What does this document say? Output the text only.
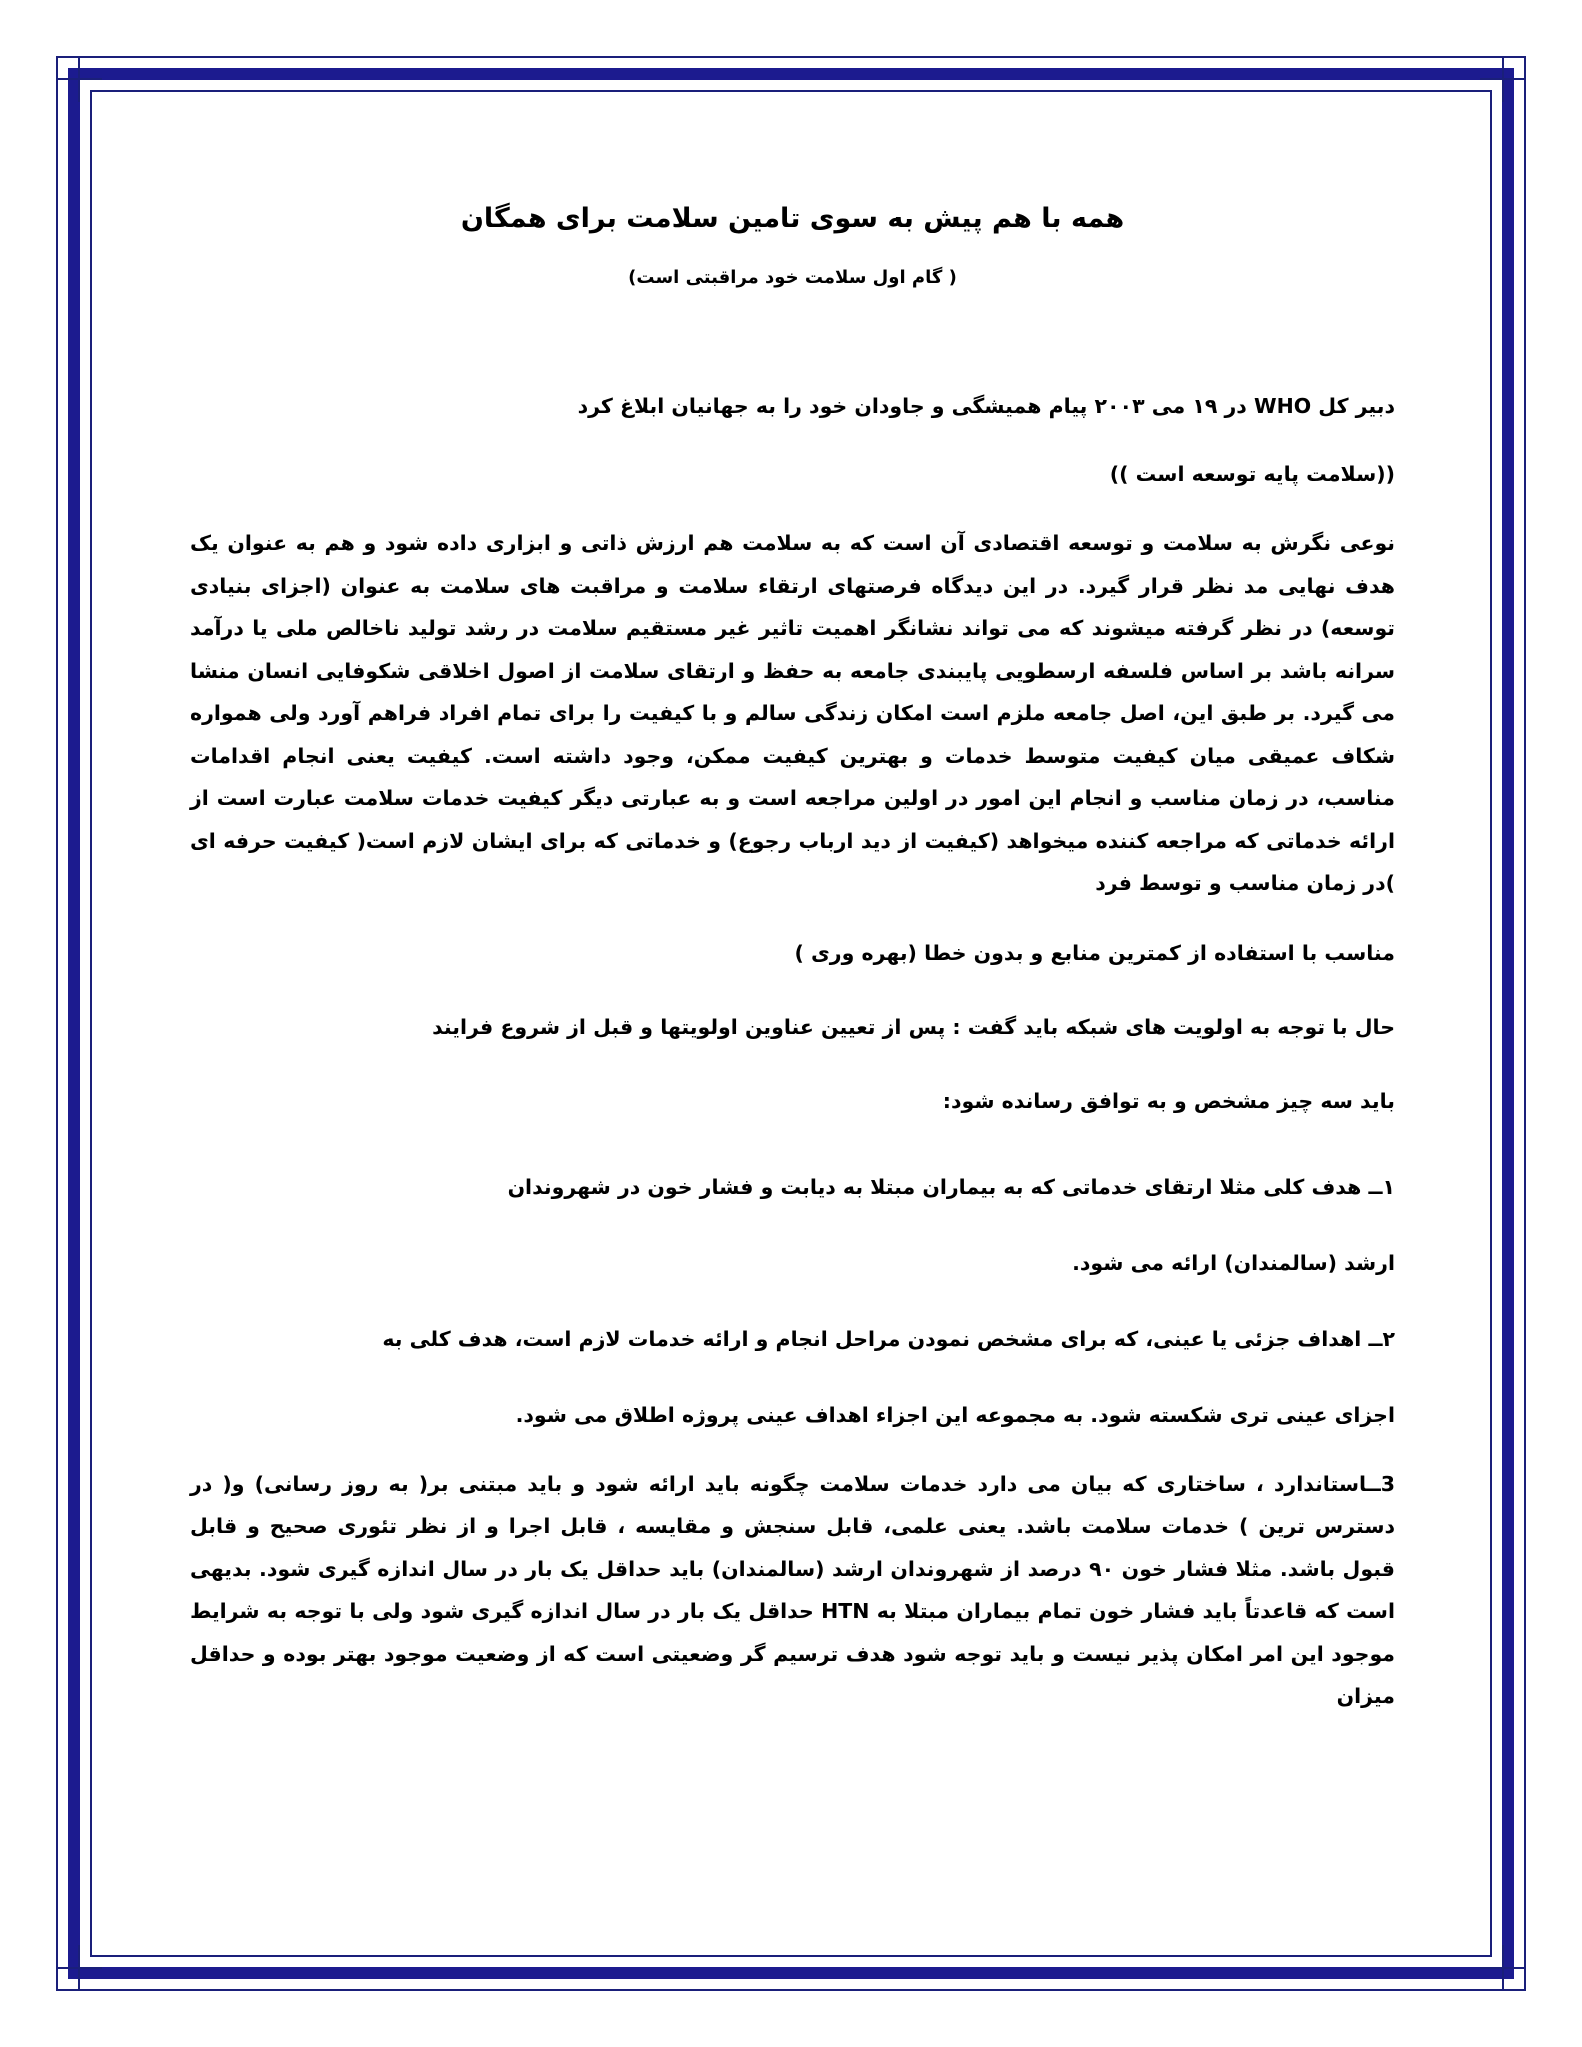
همه با هم پیش به سوی تامین سلامت برای همگان

( گام اول سلامت خود مراقبتی است)

دبیر کل WHO در ۱۹ می ۲۰۰۳ پیام همیشگی و جاودان خود را به جهانیان ابلاغ کرد

((سلامت پایه توسعه است ))

نوعی نگرش به سلامت و توسعه اقتصادی آن است که به سلامت هم ارزش ذاتی و ابزاری داده شود و هم به عنوان یک هدف نهایی مد نظر قرار گیرد. در این دیدگاه فرصتهای ارتقاء سلامت و مراقبت های سلامت به عنوان (اجزای بنیادی توسعه) در نظر گرفته میشوند که می تواند نشانگر اهمیت تاثیر غیر مستقیم سلامت در رشد تولید ناخالص ملی یا درآمد سرانه باشد بر اساس فلسفه ارسطویی پایبندی جامعه به حفظ و ارتقای سلامت از اصول اخلاقی شکوفایی انسان منشا می گیرد. بر طبق این، اصل جامعه ملزم است امکان زندگی سالم و با کیفیت را برای تمام افراد فراهم آورد ولی همواره شکاف عمیقی میان کیفیت متوسط خدمات و بهترین کیفیت ممکن، وجود داشته است. کیفیت یعنی انجام اقدامات مناسب، در زمان مناسب و انجام این امور در اولین مراجعه است و به عبارتی دیگر کیفیت خدمات سلامت عبارت است از ارائه خدماتی که مراجعه کننده میخواهد (کیفیت از دید ارباب رجوع) و خدماتی که برای ایشان لازم است( کیفیت حرفه ای )در زمان مناسب و توسط فرد

مناسب با استفاده از کمترین منابع و بدون خطا (بهره وری )

حال با توجه به اولویت های شبکه باید گفت : پس از تعیین عناوین اولویتها و قبل از شروع فرایند

باید سه چیز مشخص و به توافق رسانده شود:

۱ــ هدف کلی مثلا ارتقای خدماتی که به بیماران مبتلا به دیابت و فشار خون در شهروندان

ارشد (سالمندان) ارائه می شود.

۲ــ اهداف جزئی یا عینی، که برای مشخص نمودن مراحل انجام و ارائه خدمات لازم است، هدف کلی به

اجزای عینی تری شکسته شود. به مجموعه این اجزاء اهداف عینی پروژه اطلاق می شود.

3ــاستاندارد ، ساختاری که بیان می دارد خدمات سلامت چگونه باید ارائه شود و باید مبتنی بر( به روز رسانی) و( در دسترس ترین ) خدمات سلامت باشد. یعنی علمی، قابل سنجش و مقایسه ، قابل اجرا و از نظر تئوری صحیح و قابل قبول باشد. مثلا فشار خون ۹۰ درصد از شهروندان ارشد (سالمندان) باید حداقل یک بار در سال اندازه گیری شود. بدیهی است که قاعدتاً باید فشار خون تمام بیماران مبتلا به HTN حداقل یک بار در سال اندازه گیری شود ولی با توجه به شرایط موجود این امر امکان پذیر نیست و باید توجه شود هدف ترسیم گر وضعیتی است که از وضعیت موجود بهتر بوده و حداقل میزان
